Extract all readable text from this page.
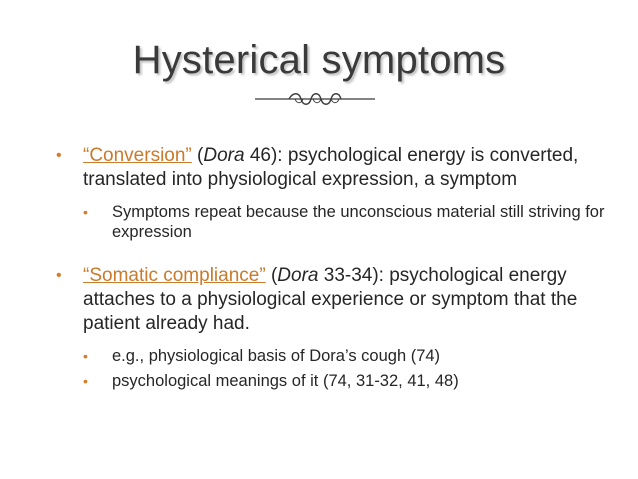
Hysterical symptoms
• “Conversion” (Dora 46): psychological energy is converted, translated into physiological expression, a symptom
• Symptoms repeat because the unconscious material still striving for expression
• “Somatic compliance” (Dora 33-34): psychological energy attaches to a physiological experience or symptom that the patient already had.
• e.g., physiological basis of Dora’s cough (74)
• psychological meanings of it (74, 31-32, 41, 48)
